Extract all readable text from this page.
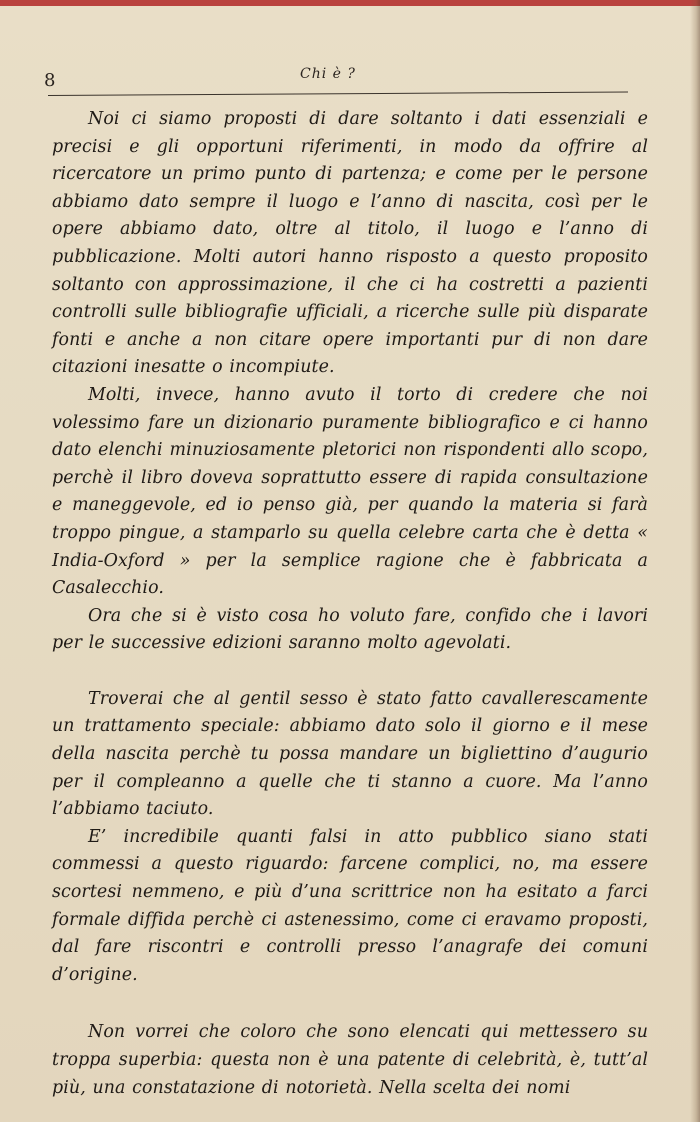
8	Chi è ?

Noi ci siamo proposti di dare soltanto i dati essenziali e precisi e gli opportuni riferimenti, in modo da offrire al ricercatore un primo punto di partenza; e come per le persone abbiamo dato sempre il luogo e l’anno di nascita, così per le opere abbiamo dato, oltre al titolo, il luogo e l’anno di pubblicazione. Molti autori hanno risposto a questo proposito soltanto con approssimazione, il che ci ha costretti a pazienti controlli sulle bibliografie ufficiali, a ricerche sulle più disparate fonti e anche a non citare opere importanti pur di non dare citazioni inesatte o incompiute.

Molti, invece, hanno avuto il torto di credere che noi volessimo fare un dizionario puramente bibliografico e ci hanno dato elenchi minuziosamente pletorici non rispondenti allo scopo, perchè il libro doveva soprattutto essere di rapida consultazione e maneggevole, ed io penso già, per quando la materia si farà troppo pingue, a stamparlo su quella celebre carta che è detta « India-Oxford » per la semplice ragione che è fabbricata a Casalecchio.

Ora che si è visto cosa ho voluto fare, confido che i lavori per le successive edizioni saranno molto agevolati.

Troverai che al gentil sesso è stato fatto cavallerescamente un trattamento speciale: abbiamo dato solo il giorno e il mese della nascita perchè tu possa mandare un bigliettino d’augurio per il compleanno a quelle che ti stanno a cuore. Ma l’anno l’abbiamo taciuto.

E’ incredibile quanti falsi in atto pubblico siano stati commessi a questo riguardo: farcene complici, no, ma essere scortesi nemmeno, e più d’una scrittrice non ha esitato a farci formale diffida perchè ci astenessimo, come ci eravamo proposti, dal fare riscontri e controlli presso l’anagrafe dei comuni d’origine.

Non vorrei che coloro che sono elencati qui mettessero su troppa superbia: questa non è una patente di celebrità, è, tutt’al più, una constatazione di notorietà. Nella scelta dei nomi
